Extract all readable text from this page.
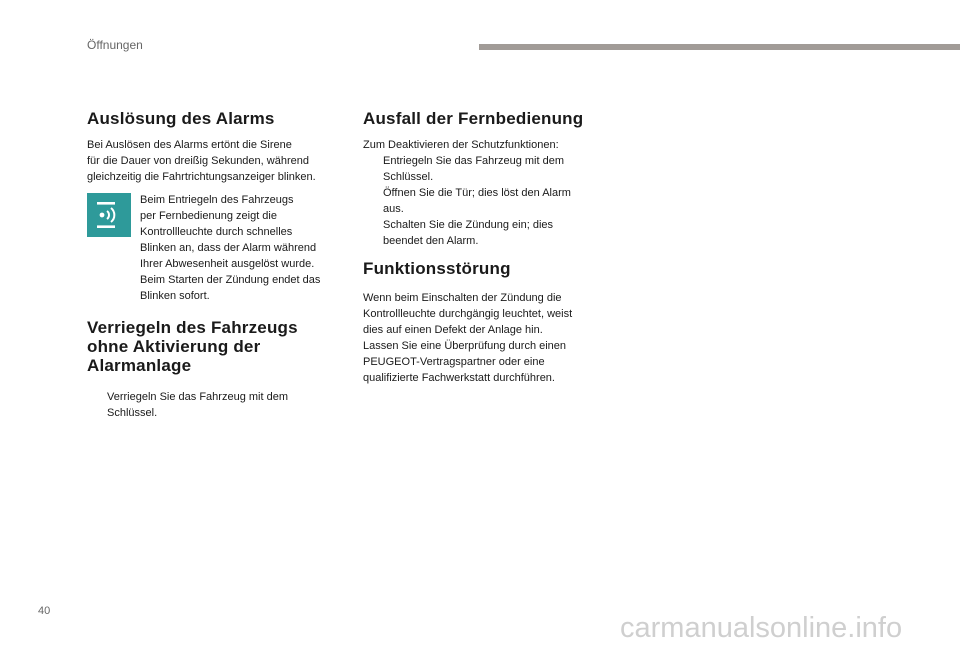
Öffnungen
Auslösung des Alarms

Bei Auslösen des Alarms ertönt die Sirene

für die Dauer von dreißig Sekunden, während

gleichzeitig die Fahrtrichtungsanzeiger blinken.

Beim Entriegeln des Fahrzeugs

per Fernbedienung zeigt die

Kontrollleuchte durch schnelles

Blinken an, dass der Alarm während

Ihrer Abwesenheit ausgelöst wurde.

Beim Starten der Zündung endet das

Blinken sofort.

Verriegeln des Fahrzeugs
ohne Aktivierung der
Alarmanlage

Verriegeln Sie das Fahrzeug mit dem

Schlüssel.

Ausfall der Fernbedienung

Zum Deaktivieren der Schutzfunktionen:

Entriegeln Sie das Fahrzeug mit dem

Schlüssel.

Öffnen Sie die Tür; dies löst den Alarm

aus.

Schalten Sie die Zündung ein; dies

beendet den Alarm.

Funktionsstörung

Wenn beim Einschalten der Zündung die

Kontrollleuchte durchgängig leuchtet, weist

dies auf einen Defekt der Anlage hin.

Lassen Sie eine Überprüfung durch einen

PEUGEOT-Vertragspartner oder eine

qualifizierte Fachwerkstatt durchführen.

40
carmanualsonline.info
